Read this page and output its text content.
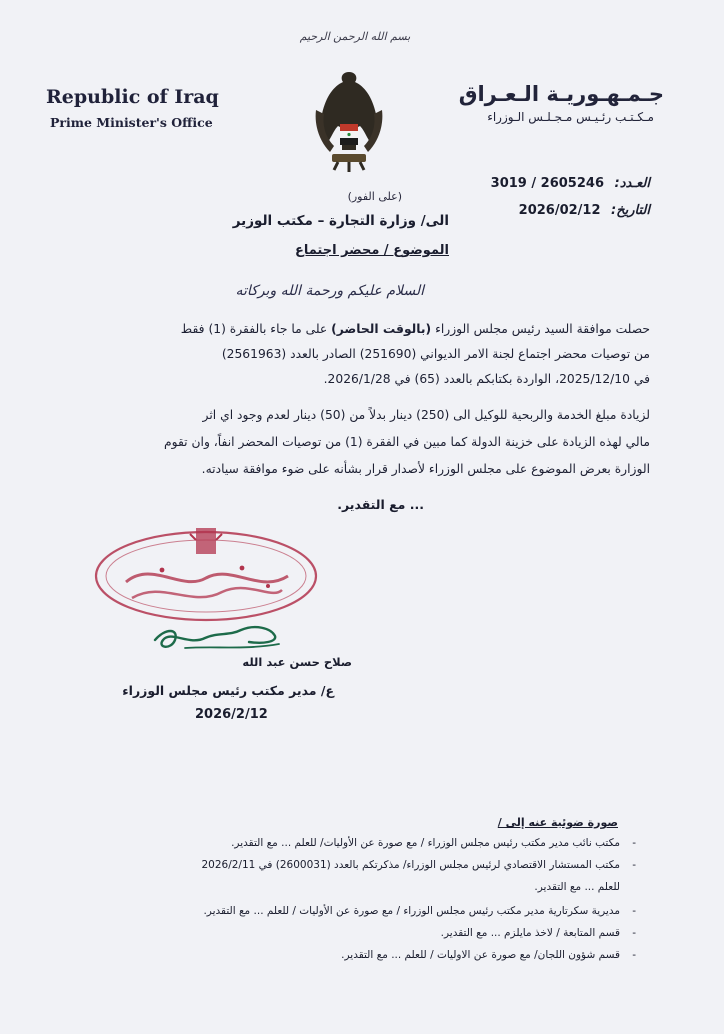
بسم الله الرحمن الرحيم
Republic of Iraq
Prime Minister's Office
جـمـهـوريـة الـعـراق
مـكـتـب رئـيـس مـجـلـس الـوزراء
العـدد: 2605246 / 3019
التاريخ: 2026/02/12
(على الفور)
الى/ وزارة التجارة – مكتب الوزير
الموضوع / محضر اجتماع
السلام عليكم ورحمة الله وبركاته
حصلت موافقة السيد رئيس مجلس الوزراء (بالوقت الحاضر) على ما جاء بالفقرة (1) فقط
من توصيات محضر اجتماع لجنة الامر الديواني (251690) الصادر بالعدد (2561963)
في 2025/12/10، الواردة بكتابكم بالعدد (65) في 2026/1/28.
لزيادة مبلغ الخدمة والربحية للوكيل الى (250) دينار بدلاً من (50) دينار لعدم وجود اي اثر
مالي لهذه الزيادة على خزينة الدولة كما مبين في الفقرة (1) من توصيات المحضر انفاً، وان تقوم
الوزارة بعرض الموضوع على مجلس الوزراء لأصدار قرار بشأنه على ضوء موافقة سيادته.
... مع التقدير.
صلاح حسن عبد الله
ع/ مدير مكتب رئيس مجلس الوزراء
2026/2/12
صورة ضوئية عنه إلى /
-
مكتب نائب مدير مكتب رئيس مجلس الوزراء / مع صورة عن الأوليات/ للعلم ... مع التقدير.
-
مكتب المستشار الاقتصادي لرئيس مجلس الوزراء/ مذكرتكم بالعدد (2600031) في 2026/2/11
للعلم ... مع التقدير.
-
مديرية سكرتارية مدير مكتب رئيس مجلس الوزراء / مع صورة عن الأوليات / للعلم ... مع التقدير.
-
قسم المتابعة / لاخذ مايلزم ... مع التقدير.
-
قسم شؤون اللجان/ مع صورة عن الاوليات / للعلم ... مع التقدير.
